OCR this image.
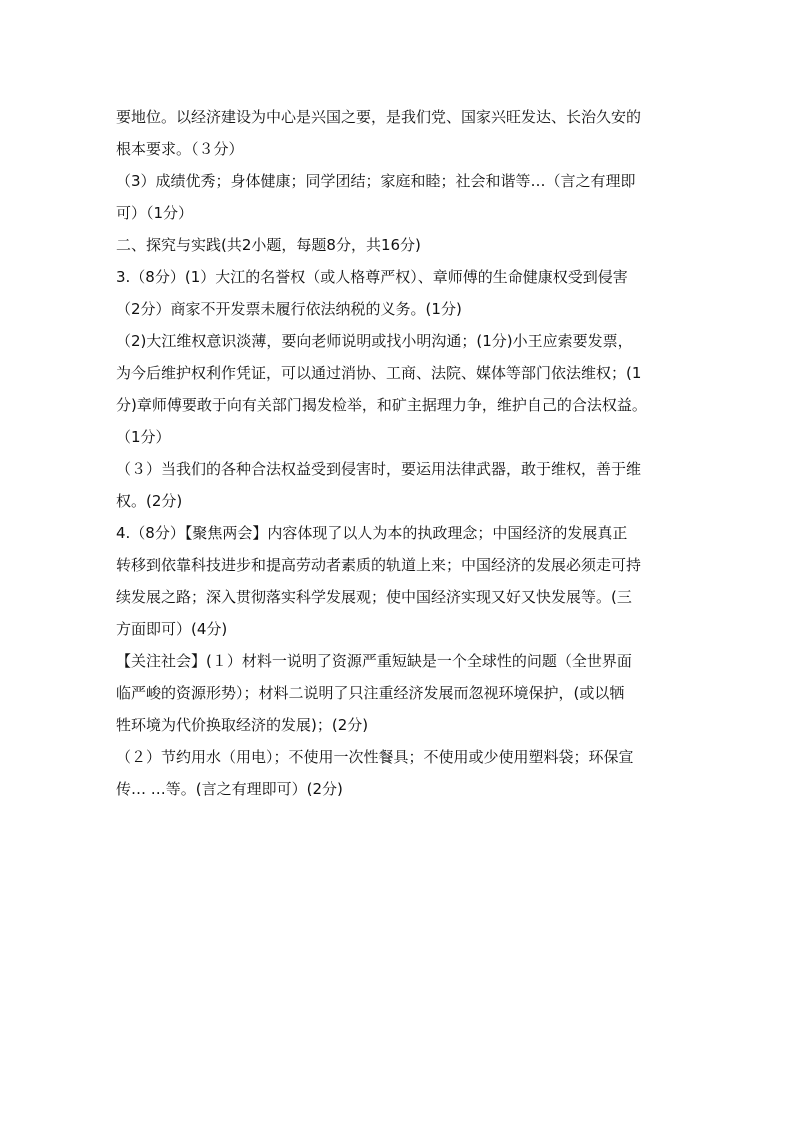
要地位。以经济建设为中心是兴国之要，是我们党、国家兴旺发达、长治久安的
根本要求。（３分）
（3）成绩优秀；身体健康；同学团结；家庭和睦；社会和谐等…（言之有理即
可）（1分）
二、探究与实践(共2小题，每题8分，共16分)
3.（8分）(1）大江的名誉权（或人格尊严权）、章师傅的生命健康权受到侵害
（2分）商家不开发票未履行依法纳税的义务。(1分)
（2)大江维权意识淡薄，要向老师说明或找小明沟通；(1分)小王应索要发票，
为今后维护权利作凭证，可以通过消协、工商、法院、媒体等部门依法维权；(1
分)章师傅要敢于向有关部门揭发检举，和矿主据理力争，维护自己的合法权益。
（1分）
（３）当我们的各种合法权益受到侵害时，要运用法律武器，敢于维权，善于维
权。(2分)
4.（8分）【聚焦两会】内容体现了以人为本的执政理念；中国经济的发展真正
转移到依靠科技进步和提高劳动者素质的轨道上来；中国经济的发展必须走可持
续发展之路；深入贯彻落实科学发展观；使中国经济实现又好又快发展等。(三
方面即可）(4分)
【关注社会】(１）材料一说明了资源严重短缺是一个全球性的问题（全世界面
临严峻的资源形势）；材料二说明了只注重经济发展而忽视环境保护，(或以牺
牲环境为代价换取经济的发展)；(2分)
（２）节约用水（用电）；不使用一次性餐具；不使用或少使用塑料袋；环保宣
传… …等。(言之有理即可）(2分)
